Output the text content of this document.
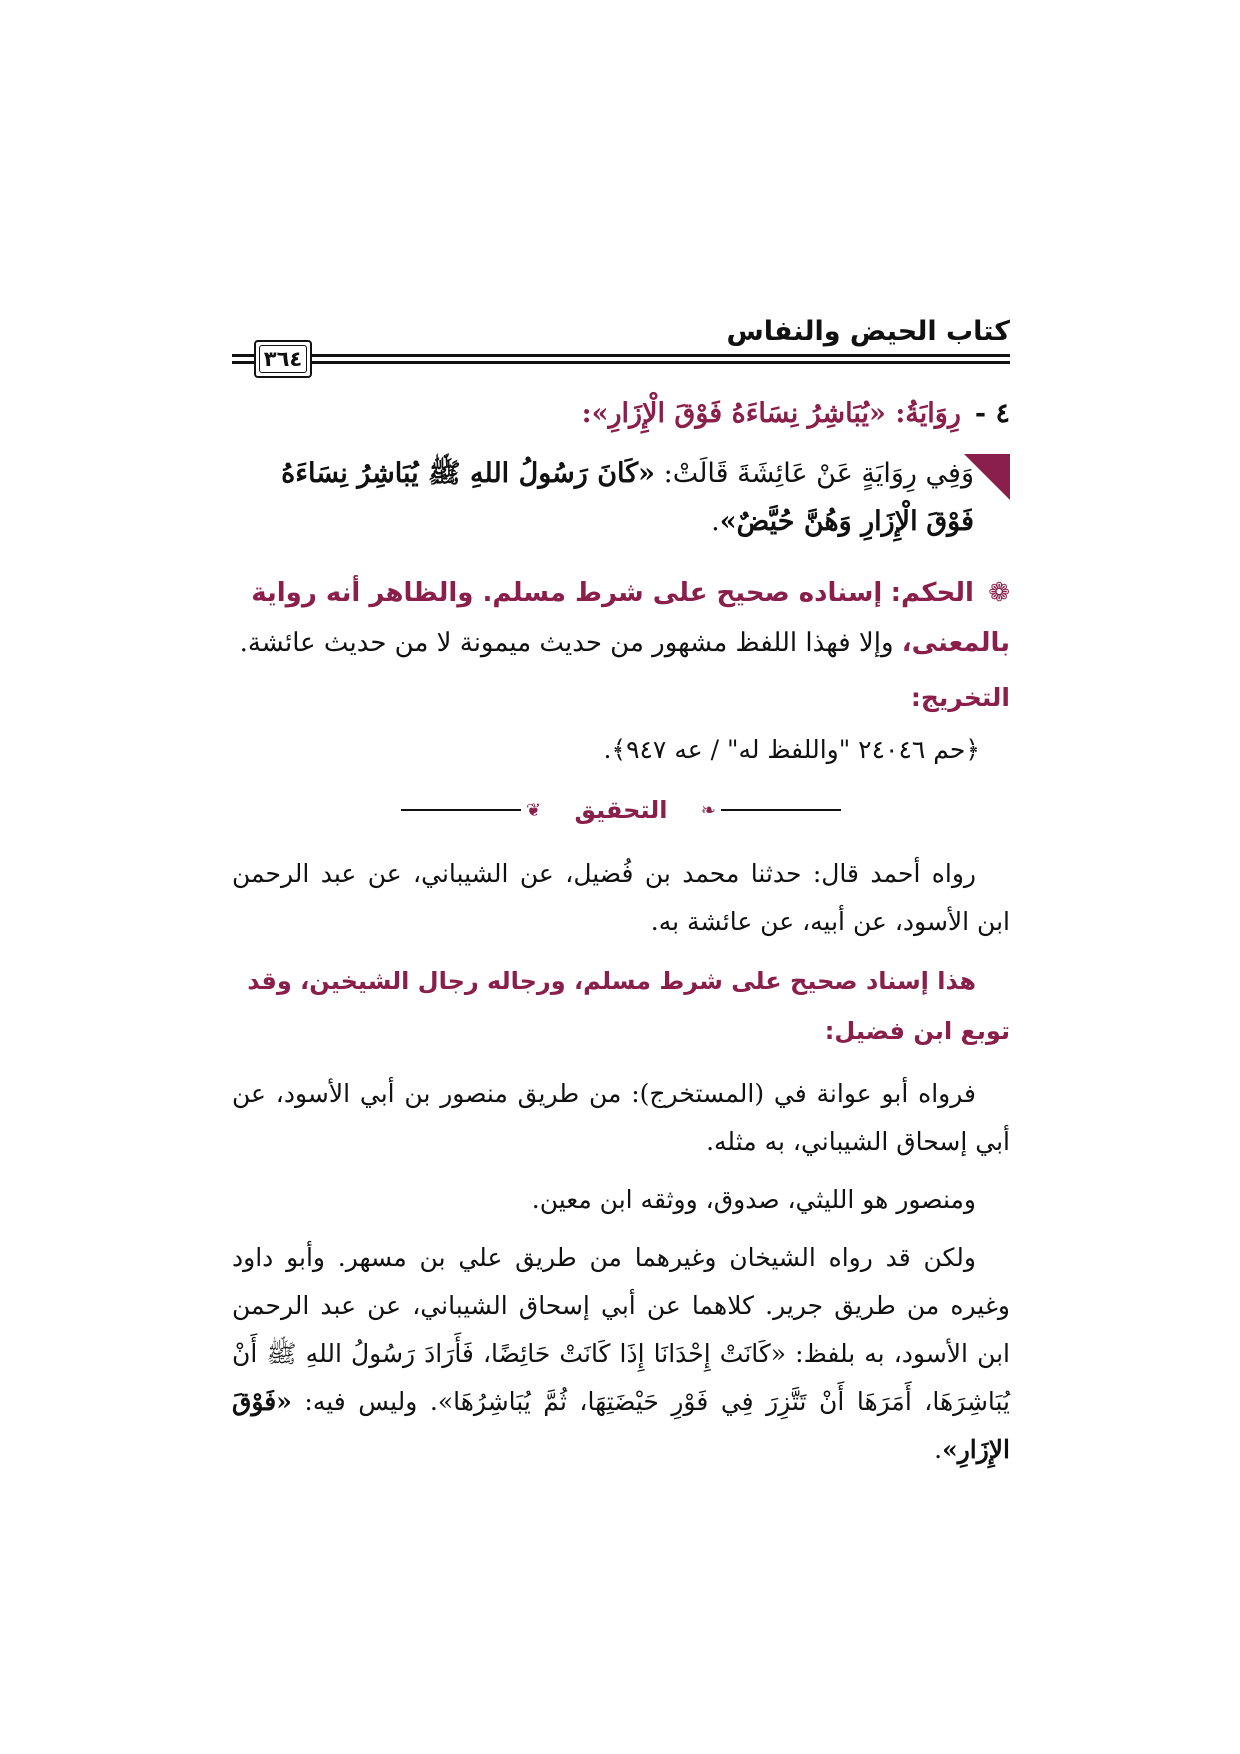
كتاب الحيض والنفاس
٣٦٤
٤ -رِوَايَةُ: «يُبَاشِرُ نِسَاءَهُ فَوْقَ الْإِزَارِ»:
وَفِي رِوَايَةٍ عَنْ عَائِشَةَ قَالَتْ: «كَانَ رَسُولُ اللهِ ﷺ يُبَاشِرُ نِسَاءَهُ فَوْقَ الْإِزَارِ وَهُنَّ حُيَّضٌ».
❁ الحكم: إسناده صحيح على شرط مسلم. والظاهر أنه رواية بالمعنى، وإلا فهذا اللفظ مشهور من حديث ميمونة لا من حديث عائشة.
التخريج:
﴿حم ٢٤٠٤٦ "واللفظ له" / عه ٩٤٧﴾.
❦	التحقيق	❧

رواه أحمد قال: حدثنا محمد بن فُضيل، عن الشيباني، عن عبد الرحمن ابن الأسود، عن أبيه، عن عائشة به.

هذا إسناد صحيح على شرط مسلم، ورجاله رجال الشيخين، وقد توبع ابن فضيل:

فرواه أبو عوانة في (المستخرج): من طريق منصور بن أبي الأسود، عن أبي إسحاق الشيباني، به مثله.

ومنصور هو الليثي، صدوق، ووثقه ابن معين.

ولكن قد رواه الشيخان وغيرهما من طريق علي بن مسهر. وأبو داود وغيره من طريق جرير. كلاهما عن أبي إسحاق الشيباني، عن عبد الرحمن ابن الأسود، به بلفظ: «كَانَتْ إِحْدَانَا إِذَا كَانَتْ حَائِضًا، فَأَرَادَ رَسُولُ اللهِ ﷺ أَنْ يُبَاشِرَهَا، أَمَرَهَا أَنْ تَتَّزِرَ فِي فَوْرِ حَيْضَتِهَا، ثُمَّ يُبَاشِرُهَا». وليس فيه: «فَوْقَ الإِزَارِ».
